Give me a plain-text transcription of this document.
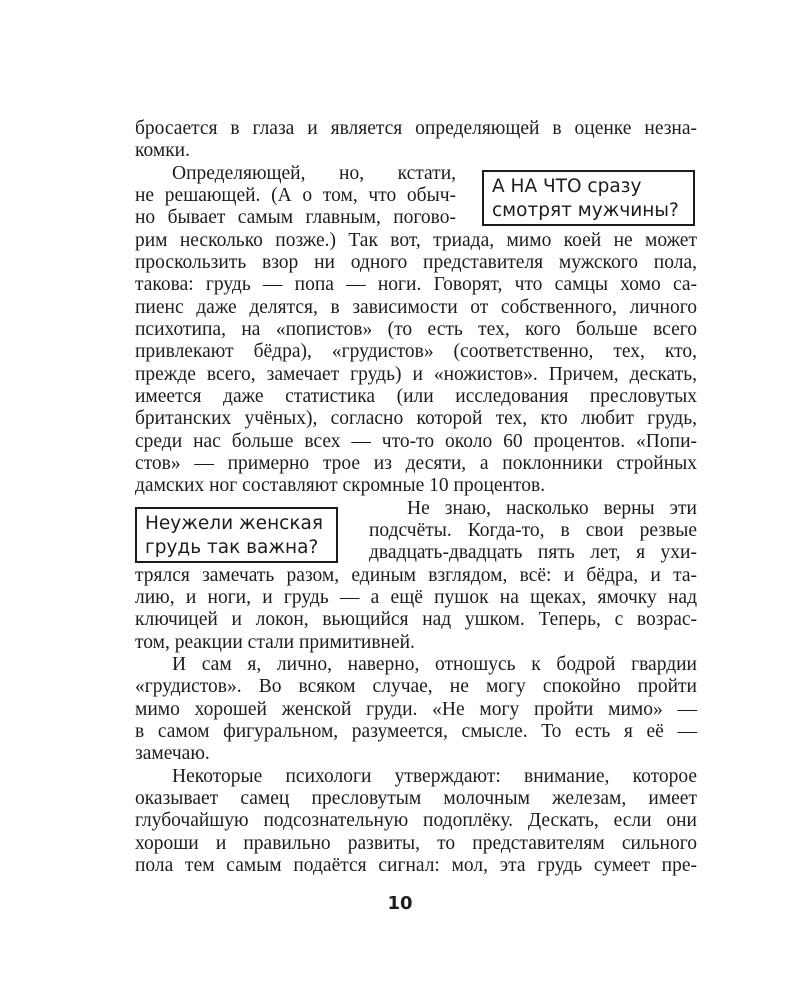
бросается в глаза и является определяющей в оценке незна-
комки.
Определяющей, но, кстати,
не решающей. (А о том, что обыч-
но бывает самым главным, погово-
рим несколько позже.) Так вот, триада, мимо коей не может
проскользить взор ни одного представителя мужского пола,
такова: грудь — попа — ноги. Говорят, что самцы хомо са-
пиенс даже делятся, в зависимости от собственного, личного
психотипа, на «попистов» (то есть тех, кого больше всего
привлекают бёдра), «грудистов» (соответственно, тех, кто,
прежде всего, замечает грудь) и «ножистов». Причем, дескать,
имеется даже статистика (или исследования пресловутых
британских учёных), согласно которой тех, кто любит грудь,
среди нас больше всех — что-то около 60 процентов. «Попи-
стов» — примерно трое из десяти, а поклонники стройных
дамских ног составляют скромные 10 процентов.
Не знаю, насколько верны эти
подсчёты. Когда-то, в свои резвые
двадцать-двадцать пять лет, я ухи-
трялся замечать разом, единым взглядом, всё: и бёдра, и та-
лию, и ноги, и грудь — а ещё пушок на щеках, ямочку над
ключицей и локон, вьющийся над ушком. Теперь, с возрас-
том, реакции стали примитивней.
И сам я, лично, наверно, отношусь к бодрой гвардии
«грудистов». Во всяком случае, не могу спокойно пройти
мимо хорошей женской груди. «Не могу пройти мимо» —
в самом фигуральном, разумеется, смысле. То есть я её —
замечаю.
Некоторые психологи утверждают: внимание, которое
оказывает самец пресловутым молочным железам, имеет
глубочайшую подсознательную подоплёку. Дескать, если они
хороши и правильно развиты, то представителям сильного
пола тем самым подаётся сигнал: мол, эта грудь сумеет пре-
А НА ЧТО сразу
смотрят мужчины?
Неужели женская
грудь так важна?
10
